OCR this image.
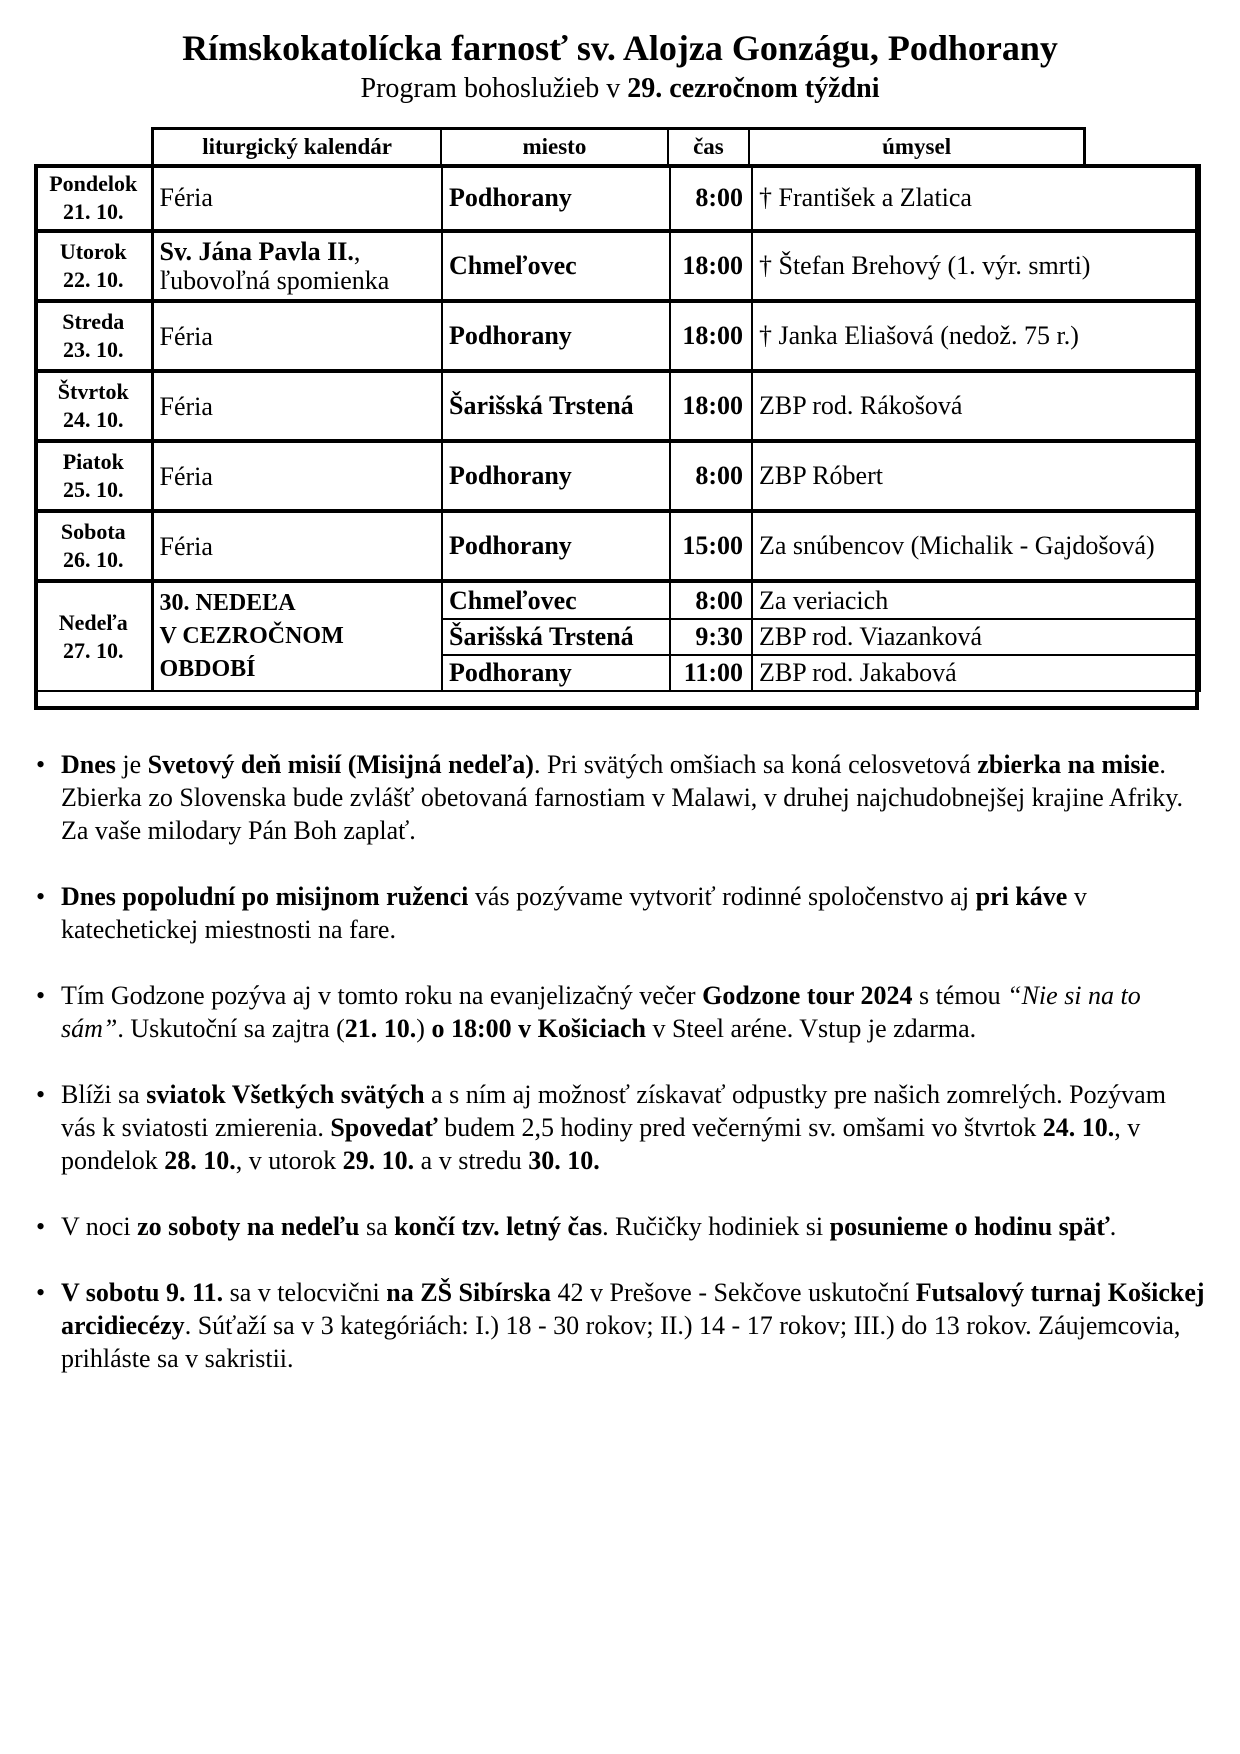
Rímskokatolícka farnosť sv. Alojza Gonzágu, Podhorany
Program bohoslužieb v 29. cezročnom týždni
liturgický kalendár	miesto	čas	úmysel
Pondelok
21. 10.	Féria	Podhorany	8:00	† František a Zlatica
Utorok
22. 10.	Sv. Jána Pavla II., ľubovoľná spomienka	Chmeľovec	18:00	† Štefan Brehový (1. výr. smrti)
Streda
23. 10.	Féria	Podhorany	18:00	† Janka Eliašová (nedož. 75 r.)
Štvrtok
24. 10.	Féria	Šarišská Trstená	18:00	ZBP rod. Rákošová
Piatok
25. 10.	Féria	Podhorany	8:00	ZBP Róbert
Sobota
26. 10.	Féria	Podhorany	15:00	Za snúbencov (Michalik - Gajdošová)
Nedeľa
27. 10.	30. NEDEĽA
V CEZROČNOM
OBDOBÍ	Chmeľovec	8:00	Za veriacich
		Šarišská Trstená	9:30	ZBP rod. Viazanková
		Podhorany	11:00	ZBP rod. Jakabová
• Dnes je Svetový deň misií (Misijná nedeľa). Pri svätých omšiach sa koná celosvetová zbierka na misie. Zbierka zo Slovenska bude zvlášť obetovaná farnostiam v Malawi, v druhej najchudobnejšej krajine Afriky. Za vaše milodary Pán Boh zaplať.
• Dnes popoludní po misijnom ruženci vás pozývame vytvoriť rodinné spoločenstvo aj pri káve v katechetickej miestnosti na fare.
• Tím Godzone pozýva aj v tomto roku na evanjelizačný večer Godzone tour 2024 s témou “Nie si na to sám”. Uskutoční sa zajtra (21. 10.) o 18:00 v Košiciach v Steel aréne. Vstup je zdarma.
• Blíži sa sviatok Všetkých svätých a s ním aj možnosť získavať odpustky pre našich zomrelých. Pozývam vás k sviatosti zmierenia. Spovedať budem 2,5 hodiny pred večernými sv. omšami vo štvrtok 24. 10., v pondelok 28. 10., v utorok 29. 10. a v stredu 30. 10.
• V noci zo soboty na nedeľu sa končí tzv. letný čas. Ručičky hodiniek si posunieme o hodinu späť.
• V sobotu 9. 11. sa v telocvični na ZŠ Sibírska 42 v Prešove - Sekčove uskutoční Futsalový turnaj Košickej arcidiecézy. Súťaží sa v 3 kategóriách: I.) 18 - 30 rokov; II.) 14 - 17 rokov; III.) do 13 rokov. Záujemcovia, prihláste sa v sakristii.
